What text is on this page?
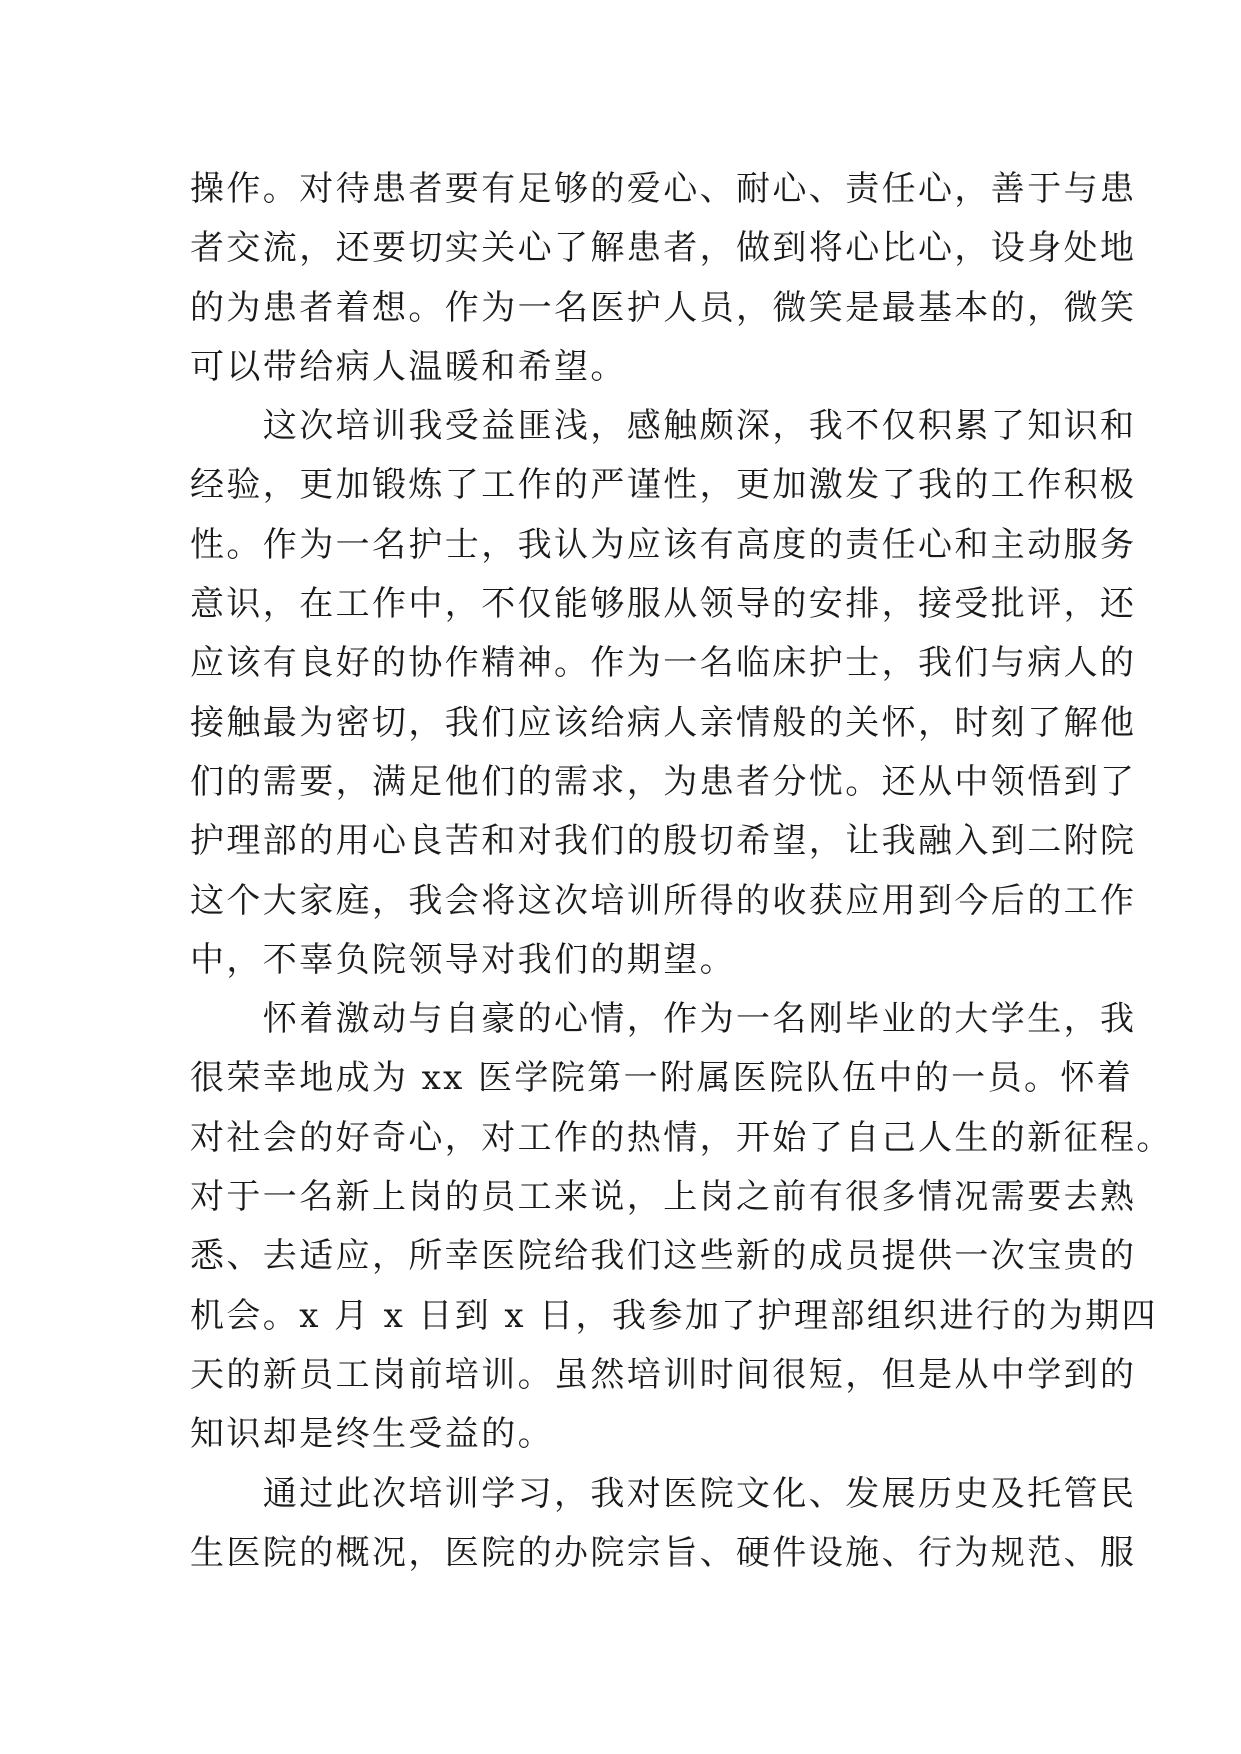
操作。对待患者要有足够的爱心、耐心、责任心，善于与患
者交流，还要切实关心了解患者，做到将心比心，设身处地
的为患者着想。作为一名医护人员，微笑是最基本的，微笑
可以带给病人温暖和希望。
　　这次培训我受益匪浅，感触颇深，我不仅积累了知识和
经验，更加锻炼了工作的严谨性，更加激发了我的工作积极
性。作为一名护士，我认为应该有高度的责任心和主动服务
意识，在工作中，不仅能够服从领导的安排，接受批评，还
应该有良好的协作精神。作为一名临床护士，我们与病人的
接触最为密切，我们应该给病人亲情般的关怀，时刻了解他
们的需要，满足他们的需求，为患者分忧。还从中领悟到了
护理部的用心良苦和对我们的殷切希望，让我融入到二附院
这个大家庭，我会将这次培训所得的收获应用到今后的工作
中，不辜负院领导对我们的期望。
　　怀着激动与自豪的心情，作为一名刚毕业的大学生，我
很荣幸地成为 xx 医学院第一附属医院队伍中的一员。怀着
对社会的好奇心，对工作的热情，开始了自己人生的新征程。
对于一名新上岗的员工来说，上岗之前有很多情况需要去熟
悉、去适应，所幸医院给我们这些新的成员提供一次宝贵的
机会。x 月 x 日到 x 日，我参加了护理部组织进行的为期四
天的新员工岗前培训。虽然培训时间很短，但是从中学到的
知识却是终生受益的。
　　通过此次培训学习，我对医院文化、发展历史及托管民
生医院的概况，医院的办院宗旨、硬件设施、行为规范、服
